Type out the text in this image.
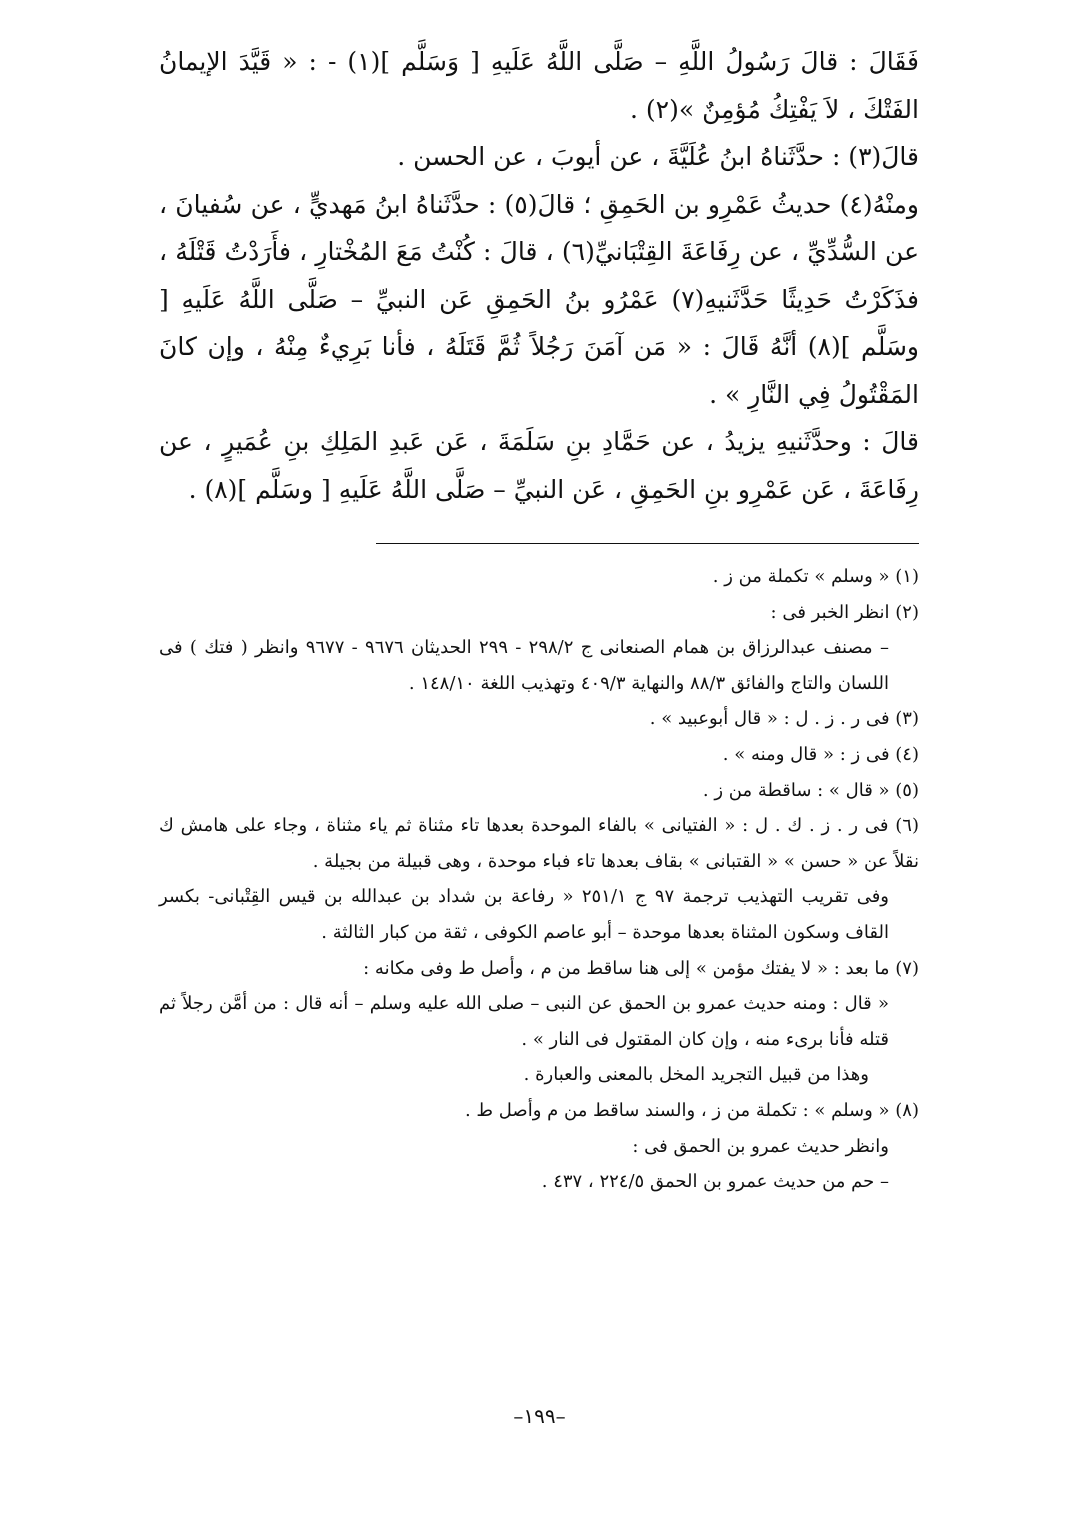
فَقَالَ : قالَ رَسُولُ اللَّهِ – صَلَّى اللَّهُ عَلَيهِ [ وَسَلَّم ](١) - : « قَيَّدَ الإيمانُ الفَتْكَ ، لاَ يَفْتِكُ مُؤمِنٌ »(٢) .

قالَ(٣) : حدَّثَناهُ ابنُ عُلَيَّةَ ، عن أيوبَ ، عن الحسن .

ومنْهُ(٤) حديثُ عَمْرِو بن الحَمِقِ ؛ قالَ(٥) : حدَّثَناهُ ابنُ مَهديٍّ ، عن سُفيانَ ، عن السُّدِّيِّ ، عن رِفَاعَةَ القِتْبَانيِّ(٦) ، قالَ : كُنْتُ مَعَ المُخْتارِ ، فأَرَدْتُ قَتْلَهُ ، فذَكَرْتُ حَدِيثًا حَدَّثَنيهِ(٧) عَمْرُو بنُ الحَمِقِ عَن النبيِّ – صَلَّى اللَّهُ عَلَيهِ [ وسَلَّم ](٨) أنَّهُ قَالَ : « مَن آمَنَ رَجُلاً ثُمَّ قَتَلَهُ ، فأنا بَرِيءٌ مِنْهُ ، وإن كانَ المَقْتُولُ فِي النَّارِ » .

قالَ : وحدَّثَنيهِ يزيدُ ، عن حَمَّادِ بنِ سَلَمَةَ ، عَن عَبدِ المَلِكِ بنِ عُمَيرٍ ، عن رِفَاعَةَ ، عَن عَمْرِو بنِ الحَمِقِ ، عَن النبيِّ – صَلَّى اللَّهُ عَلَيهِ [ وسَلَّم ](٨) .

(١) « وسلم » تكملة من ز .

(٢) انظر الخبر فى :

– مصنف عبدالرزاق بن همام الصنعانى ج ٢٩٨/٢ - ٢٩٩ الحديثان ٩٦٧٦ - ٩٦٧٧ وانظر ( فتك ) فى اللسان والتاج والفائق ٨٨/٣ والنهاية ٤٠٩/٣ وتهذيب اللغة ١٤٨/١٠ .

(٣) فى ر . ز . ل : « قال أبوعبيد » .

(٤) فى ز : « قال ومنه » .

(٥) « قال » : ساقطة من ز .

(٦) فى ر . ز . ك . ل : « الفتيانى » بالفاء الموحدة بعدها تاء مثناة ثم ياء مثناة ، وجاء على هامش ك نقلاً عن « حسن » « القتبانى » بقاف بعدها تاء فباء موحدة ، وهى قبيلة من بجيلة .

وفى تقريب التهذيب ترجمة ٩٧ ج ٢٥١/١ « رفاعة بن شداد بن عبدالله بن قيس القِتْبانى- بكسر القاف وسكون المثناة بعدها موحدة – أبو عاصم الكوفى ، ثقة من كبار الثالثة .

(٧) ما بعد : « لا يفتك مؤمن » إلى هنا ساقط من م ، وأصل ط وفى مكانه :

« قال : ومنه حديث عمرو بن الحمق عن النبى – صلى الله عليه وسلم – أنه قال : من أمَّن رجلاً ثم قتله فأنا برىء منه ، وإن كان المقتول فى النار » .

وهذا من قبيل التجريد المخل بالمعنى والعبارة .

(٨) « وسلم » : تكملة من ز ، والسند ساقط من م وأصل ط .

وانظر حديث عمرو بن الحمق فى :

– حم من حديث عمرو بن الحمق ٢٢٤/٥ ، ٤٣٧ .

–١٩٩–
